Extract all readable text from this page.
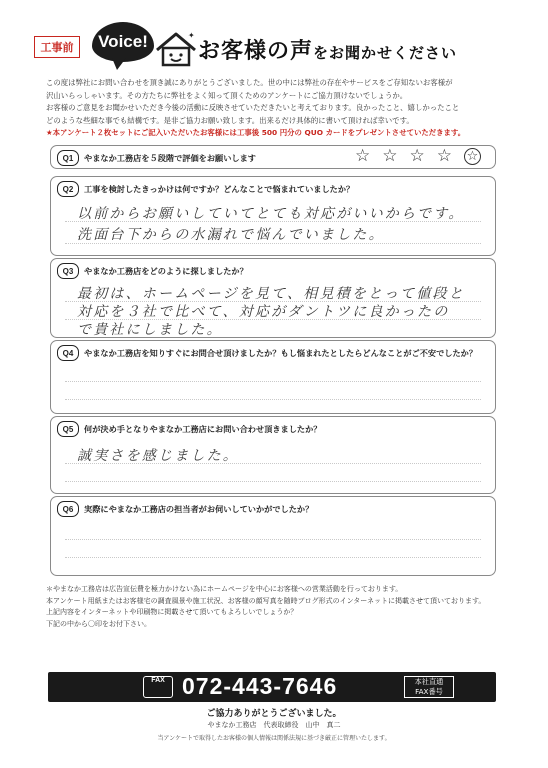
工事前	Voice!	✦
お客様の声をお聞かせください

この度は弊社にお問い合わせを頂き誠にありがとうございました。世の中には弊社の存在やサービスをご存知ないお客様が

沢山いらっしゃいます。その方たちに弊社をよく知って頂くためのアンケートにご協力頂けないでしょうか。

お客様のご意見をお聞かせいただき今後の活動に反映させていただきたいと考えております。良かったこと、嬉しかったこと

どのような些細な事でも結構です。是非ご協力お願い致します。出来るだけ具体的に書いて頂ければ幸いです。

★本アンケート２枚セットにご記入いただいたお客様には工事後 500 円分の QUO カードをプレゼントさせていただきます。

Q1	やまなか工務店を５段階で評価をお願いします	☆ ☆ ☆ ☆ ☆
Q2	工事を検討したきっかけは何ですか？どんなことで悩まれていましたか？
以前からお願いしていてとても対応がいいからです。
洗面台下からの水漏れで悩んでいました。
Q3	やまなか工務店をどのように探しましたか？
最初は、ホームページを見て、相見積をとって値段と
対応を３社で比べて、対応がダントツに良かったの
で貴社にしました。
Q4	やまなか工務店を知りすぐにお問合せ頂けましたか？もし悩まれたとしたらどんなことがご不安でしたか？
Q5	何が決め手となりやまなか工務店にお問い合わせ頂きましたか？
誠実さを感じました。
Q6	実際にやまなか工務店の担当者がお伺いしていかがでしたか？

＊やまなか工務店は広告宣伝費を極力かけない為にホームページを中心にお客様への営業活動を行っております。

本アンケート用紙またはお客様宅の調査風景や施工状況、お客様の顔写真を随時ブログ形式のインターネットに掲載させて頂いております。

上記内容をインターネットや印刷物に掲載させて頂いてもよろしいでしょうか？

下記の中から〇印をお付下さい。

FAX 072-443-7646	本社直通
FAX番号
ご協力ありがとうございました。
やまなか工務店　代表取締役　山中　真二
当アンケートで取得したお客様の個人情報は関係法規に基づき厳正に管理いたします。
